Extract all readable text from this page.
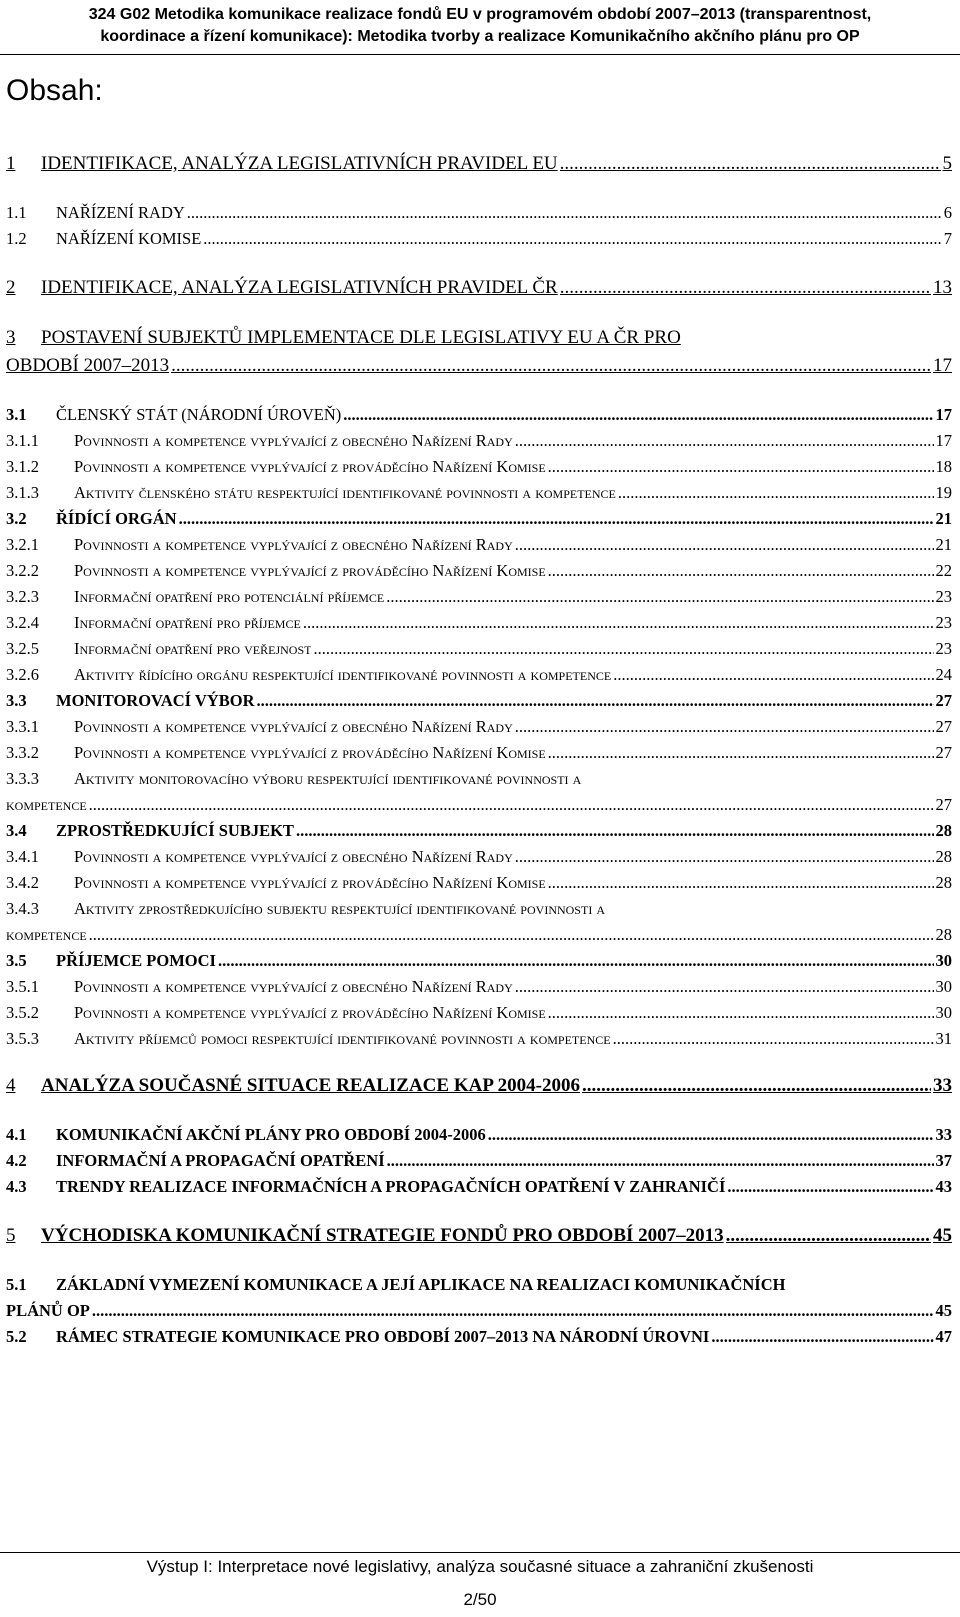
324 G02 Metodika komunikace realizace fondů EU v programovém období 2007–2013 (transparentnost,
koordinace a řízení komunikace): Metodika tvorby a realizace Komunikačního akčního plánu pro OP
Obsah:
1	IDENTIFIKACE, ANALÝZA LEGISLATIVNÍCH PRAVIDEL EU .....	5
1.1	NAŘÍZENÍ RADY .....	6
1.2	NAŘÍZENÍ KOMISE .....	7
2	IDENTIFIKACE, ANALÝZA LEGISLATIVNÍCH PRAVIDEL ČR .....	13
3	POSTAVENÍ SUBJEKTŮ IMPLEMENTACE DLE LEGISLATIVY EU A ČR PRO
OBDOBÍ 2007–2013 .....	17
3.1	ČLENSKÝ STÁT (NÁRODNÍ ÚROVEŇ) .....	17
3.1.1	Povinnosti a kompetence vyplývající z obecného Nařízení Rady .....	17
3.1.2	Povinnosti a kompetence vyplývající z prováděcího Nařízení Komise .....	18
3.1.3	Aktivity členského státu respektující identifikované povinnosti a kompetence .....	19
3.2	ŘÍDÍCÍ ORGÁN .....	21
3.2.1	Povinnosti a kompetence vyplývající z obecného Nařízení Rady .....	21
3.2.2	Povinnosti a kompetence vyplývající z prováděcího Nařízení Komise .....	22
3.2.3	Informační opatření pro potenciální příjemce .....	23
3.2.4	Informační opatření pro příjemce .....	23
3.2.5	Informační opatření pro veřejnost .....	23
3.2.6	Aktivity řídícího orgánu respektující identifikované povinnosti a kompetence .....	24
3.3	MONITOROVACÍ VÝBOR .....	27
3.3.1	Povinnosti a kompetence vyplývající z obecného Nařízení Rady .....	27
3.3.2	Povinnosti a kompetence vyplývající z prováděcího Nařízení Komise .....	27
3.3.3	Aktivity monitorovacího výboru respektující identifikované povinnosti a
kompetence .....	27
3.4	ZPROSTŘEDKUJÍCÍ SUBJEKT .....	28
3.4.1	Povinnosti a kompetence vyplývající z obecného Nařízení Rady .....	28
3.4.2	Povinnosti a kompetence vyplývající z prováděcího Nařízení Komise .....	28
3.4.3	Aktivity zprostředkujícího subjektu respektující identifikované povinnosti a
kompetence .....	28
3.5	PŘÍJEMCE POMOCI .....	30
3.5.1	Povinnosti a kompetence vyplývající z obecného Nařízení Rady .....	30
3.5.2	Povinnosti a kompetence vyplývající z prováděcího Nařízení Komise .....	30
3.5.3	Aktivity příjemců pomoci respektující identifikované povinnosti a kompetence .....	31
4	ANALÝZA SOUČASNÉ SITUACE REALIZACE KAP 2004-2006 .....	33
4.1	KOMUNIKAČNÍ AKČNÍ PLÁNY PRO OBDOBÍ 2004-2006 .....	33
4.2	INFORMAČNÍ A PROPAGAČNÍ OPATŘENÍ .....	37
4.3	TRENDY REALIZACE INFORMAČNÍCH A PROPAGAČNÍCH OPATŘENÍ V ZAHRANIČÍ .....	43
5	VÝCHODISKA KOMUNIKAČNÍ STRATEGIE FONDŮ PRO OBDOBÍ 2007–2013 .....	45
5.1	ZÁKLADNÍ VYMEZENÍ KOMUNIKACE A JEJÍ APLIKACE NA REALIZACI KOMUNIKAČNÍCH
PLÁNŮ OP .....	45
5.2	RÁMEC STRATEGIE KOMUNIKACE PRO OBDOBÍ 2007–2013 NA NÁRODNÍ ÚROVNI .....	47
Výstup I: Interpretace nové legislativy, analýza současné situace a zahraniční zkušenosti
2/50
